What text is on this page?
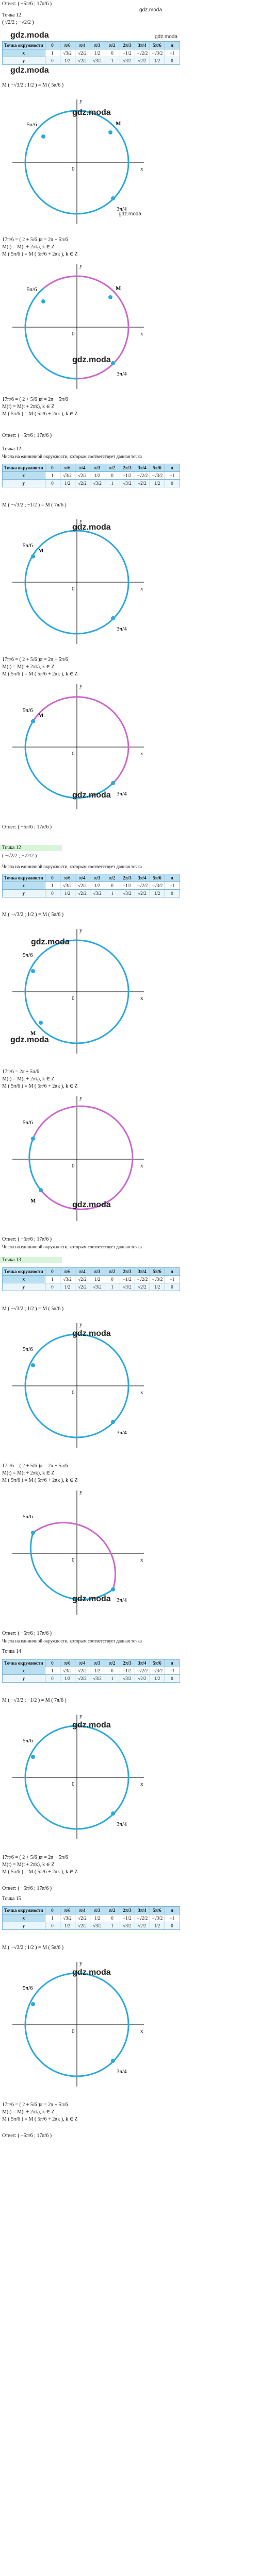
Ответ: ( −5π/6 ; 17π/6 )
gdz.moda
Точка 12
( √2/2 ; −√2/2 )
gdz.moda	gdz.moda
Точка окружности	0	π/6	π/4	π/3	π/2	2π/3	3π/4	5π/6	π
x	1	√3/2	√2/2	1/2	0	−1/2	−√2/2	−√3/2	−1
y	0	1/2	√2/2	√3/2	1	√3/2	√2/2	1/2	0
gdz.moda
M ( −√3/2 ; 1/2 ) = M ( 5π/6 )
5π/6	M
3π/4
x
y
0
gdz.moda
gdz.moda
17π/6 = ( 2 + 5/6 )π = 2π + 5π/6
M(t) = M(t + 2πk), k ∈ Z
M ( 5π/6 ) = M ( 5π/6 + 2πk ), k ∈ Z
5π/6	M
3π/4
x
y
0
gdz.moda
17π/6 = ( 2 + 5/6 )π = 2π + 5π/6
M(t) = M(t + 2πk), k ∈ Z
M ( 5π/6 ) = M ( 5π/6 + 2πk ), k ∈ Z
Ответ: ( −5π/6 ; 17π/6 )
Точка 12
Числа на единичной окружности, которым соответствует данная точка
Точка окружности	0	π/6	π/4	π/3	π/2	2π/3	3π/4	5π/6	π
x	1	√3/2	√2/2	1/2	0	−1/2	−√2/2	−√3/2	−1
y	0	1/2	√2/2	√3/2	1	√3/2	√2/2	1/2	0
M ( −√3/2 ; −1/2 ) = M ( 7π/6 )
5π/6
M
3π/4
x
y
0
gdz.moda
17π/6 = ( 2 + 5/6 )π = 2π + 5π/6
M(t) = M(t + 2πk), k ∈ Z
M ( 5π/6 ) = M ( 5π/6 + 2πk ), k ∈ Z
5π/6
M
3π/4
x
y
0
gdz.moda
Ответ: ( −5π/6 ; 17π/6 )
Точка 12
( −√2/2 ; −√2/2 )
Числа на единичной окружности, которым соответствует данная точка
Точка окружности	0	π/6	π/4	π/3	π/2	2π/3	3π/4	5π/6	π
x	1	√3/2	√2/2	1/2	0	−1/2	−√2/2	−√3/2	−1
y	0	1/2	√2/2	√3/2	1	√3/2	√2/2	1/2	0
M ( −√3/2 ; 1/2 ) = M ( 5π/6 )
5π/6
M
x
y
0
gdz.moda
gdz.moda
17π/6 = 2π + 5π/6
M(t) = M(t + 2πk), k ∈ Z
M ( 5π/6 ) = M ( 5π/6 + 2πk ), k ∈ Z
5π/6
M
x
y
0
gdz.moda
Ответ: ( −5π/6 ; 17π/6 )
Числа на единичной окружности, которым соответствует данная точка
Точка 13
Точка окружности	0	π/6	π/4	π/3	π/2	2π/3	3π/4	5π/6	π
x	1	√3/2	√2/2	1/2	0	−1/2	−√2/2	−√3/2	−1
y	0	1/2	√2/2	√3/2	1	√3/2	√2/2	1/2	0
M ( −√3/2 ; 1/2 ) = M ( 5π/6 )
5π/6
3π/4
x
y
0
gdz.moda
17π/6 = ( 2 + 5/6 )π = 2π + 5π/6
M(t) = M(t + 2πk), k ∈ Z
M ( 5π/6 ) = M ( 5π/6 + 2πk ), k ∈ Z
5π/6
3π/4
x
y
0
gdz.moda
Ответ: ( −5π/6 ; 17π/6 )
Числа на единичной окружности, которым соответствует данная точка
Точка 14
Точка окружности	0	π/6	π/4	π/3	π/2	2π/3	3π/4	5π/6	π
x	1	√3/2	√2/2	1/2	0	−1/2	−√2/2	−√3/2	−1
y	0	1/2	√2/2	√3/2	1	√3/2	√2/2	1/2	0
M ( −√3/2 ; −1/2 ) = M ( 7π/6 )
5π/6
3π/4
x
y
0
gdz.moda
17π/6 = ( 2 + 5/6 )π = 2π + 5π/6
M(t) = M(t + 2πk), k ∈ Z
M ( 5π/6 ) = M ( 5π/6 + 2πk ), k ∈ Z
Ответ: ( −5π/6 ; 17π/6 )
Точка 15
Точка окружности	0	π/6	π/4	π/3	π/2	2π/3	3π/4	5π/6	π
x	1	√3/2	√2/2	1/2	0	−1/2	−√2/2	−√3/2	−1
y	0	1/2	√2/2	√3/2	1	√3/2	√2/2	1/2	0
M ( −√3/2 ; 1/2 ) = M ( 5π/6 )
5π/6
3π/4
x
y
0
gdz.moda
17π/6 = ( 2 + 5/6 )π = 2π + 5π/6
M(t) = M(t + 2πk), k ∈ Z
M ( 5π/6 ) = M ( 5π/6 + 2πk ), k ∈ Z
Ответ: ( −5π/6 ; 17π/6 )
